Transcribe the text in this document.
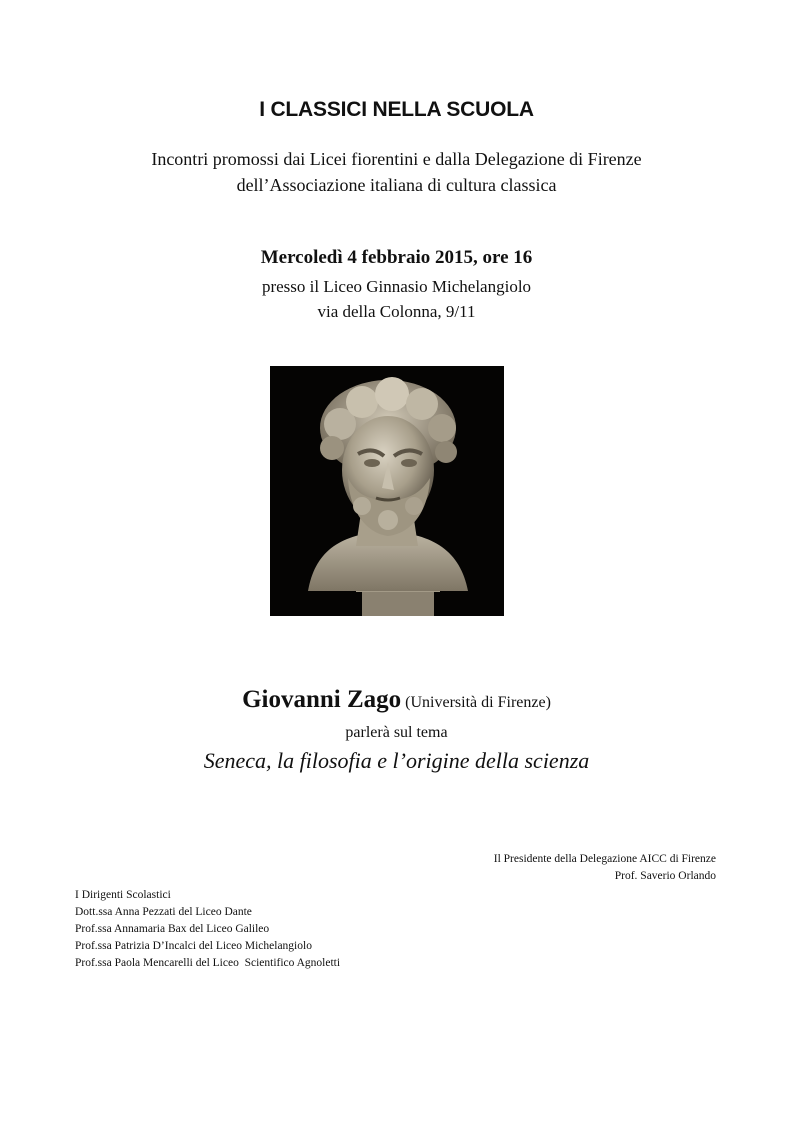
I CLASSICI NELLA SCUOLA
Incontri promossi dai Licei fiorentini e dalla Delegazione di Firenze
dell’Associazione italiana di cultura classica
Mercoledì 4 febbraio 2015, ore 16
presso il Liceo Ginnasio Michelangiolo
via della Colonna, 9/11
Giovanni Zago (Università di Firenze)
parlerà sul tema
Seneca, la filosofia e l’origine della scienza
Il Presidente della Delegazione AICC di Firenze
Prof. Saverio Orlando
I Dirigenti Scolastici
Dott.ssa Anna Pezzati del Liceo Dante
Prof.ssa Annamaria Bax del Liceo Galileo
Prof.ssa Patrizia D’Incalci del Liceo Michelangiolo
Prof.ssa Paola Mencarelli del Liceo  Scientifico Agnoletti
